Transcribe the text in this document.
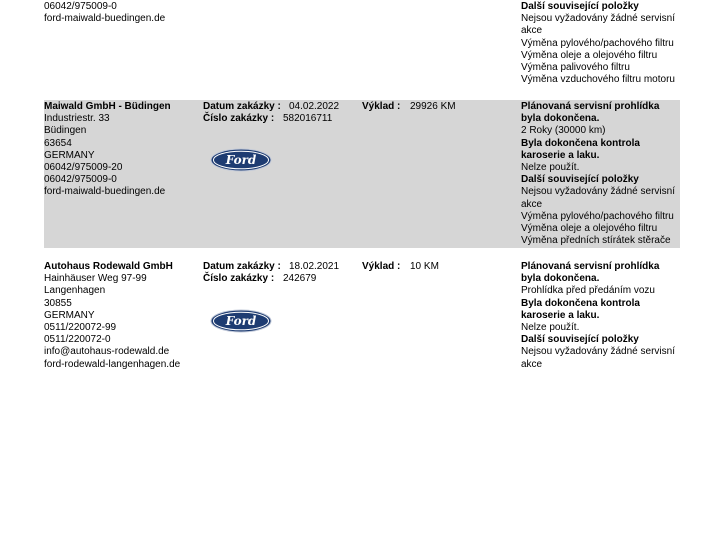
06042/975009-0
ford-maiwald-buedingen.de
Další související položky
Nejsou vyžadovány žádné servisní akce
Výměna pylového/pachového filtru
Výměna oleje a olejového filtru
Výměna palivového filtru
Výměna vzduchového filtru motoru
Maiwald GmbH - Büdingen
Industriestr. 33
Büdingen
63654
GERMANY
06042/975009-20
06042/975009-0
ford-maiwald-buedingen.de
Datum zakázky : 04.02.2022
Číslo zakázky : 582016711
Výklad : 29926 KM
Ford
Plánovaná servisní prohlídka byla dokončena.
2 Roky (30000 km)
Byla dokončena kontrola karoserie a laku.
Nelze použít.
Další související položky
Nejsou vyžadovány žádné servisní akce
Výměna pylového/pachového filtru
Výměna oleje a olejového filtru
Výměna předních stírátek stěrače
Autohaus Rodewald GmbH
Hainhäuser Weg 97-99
Langenhagen
30855
GERMANY
0511/220072-99
0511/220072-0
info@autohaus-rodewald.de
ford-rodewald-langenhagen.de
Datum zakázky : 18.02.2021
Číslo zakázky : 242679
Výklad : 10 KM
Ford
Plánovaná servisní prohlídka byla dokončena.
Prohlídka před předáním vozu
Byla dokončena kontrola karoserie a laku.
Nelze použít.
Další související položky
Nejsou vyžadovány žádné servisní akce
